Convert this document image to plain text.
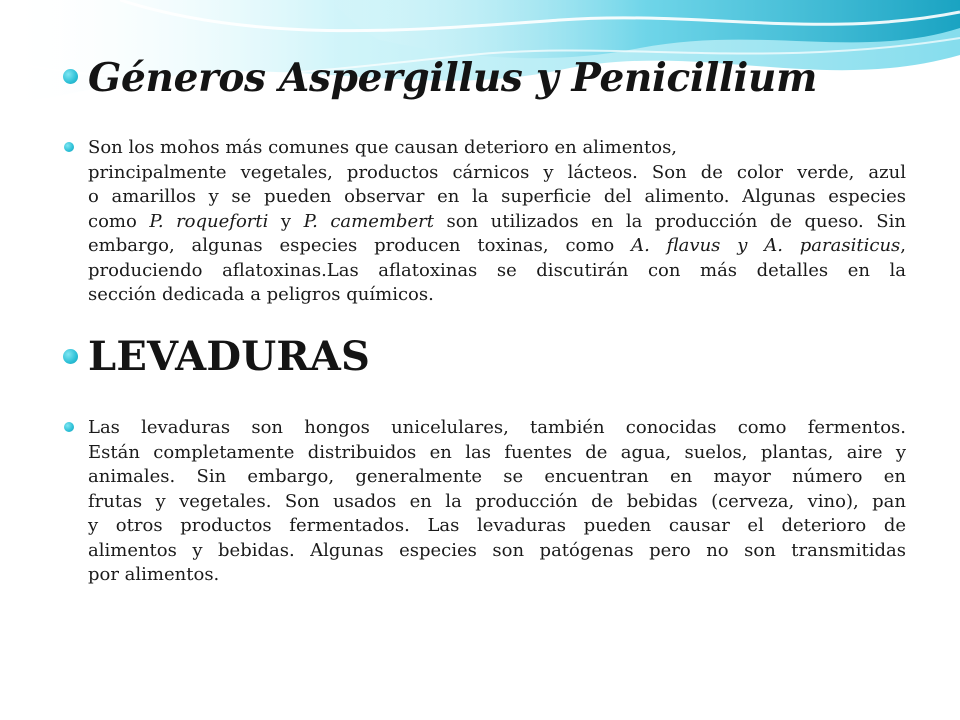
Géneros Aspergillus y Penicillium
Son los mohos más comunes que causan deterioro en alimentos,
principalmente vegetales, productos cárnicos y lácteos. Son de color verde, azul
o amarillos y se pueden observar en la superficie del alimento. Algunas especies
como P. roqueforti y P. camembert son utilizados en la producción de queso. Sin
embargo, algunas especies producen toxinas, como A. flavus y A. parasiticus,
produciendo aflatoxinas.Las aflatoxinas se discutirán con más detalles en la
sección dedicada a peligros químicos.
LEVADURAS
Las levaduras son hongos unicelulares, también conocidas como fermentos.
Están completamente distribuidos en las fuentes de agua, suelos, plantas, aire y
animales. Sin embargo, generalmente se encuentran en mayor número en
frutas y vegetales. Son usados en la producción de bebidas (cerveza, vino), pan
y otros productos fermentados. Las levaduras pueden causar el deterioro de
alimentos y bebidas. Algunas especies son patógenas pero no son transmitidas
por alimentos.
